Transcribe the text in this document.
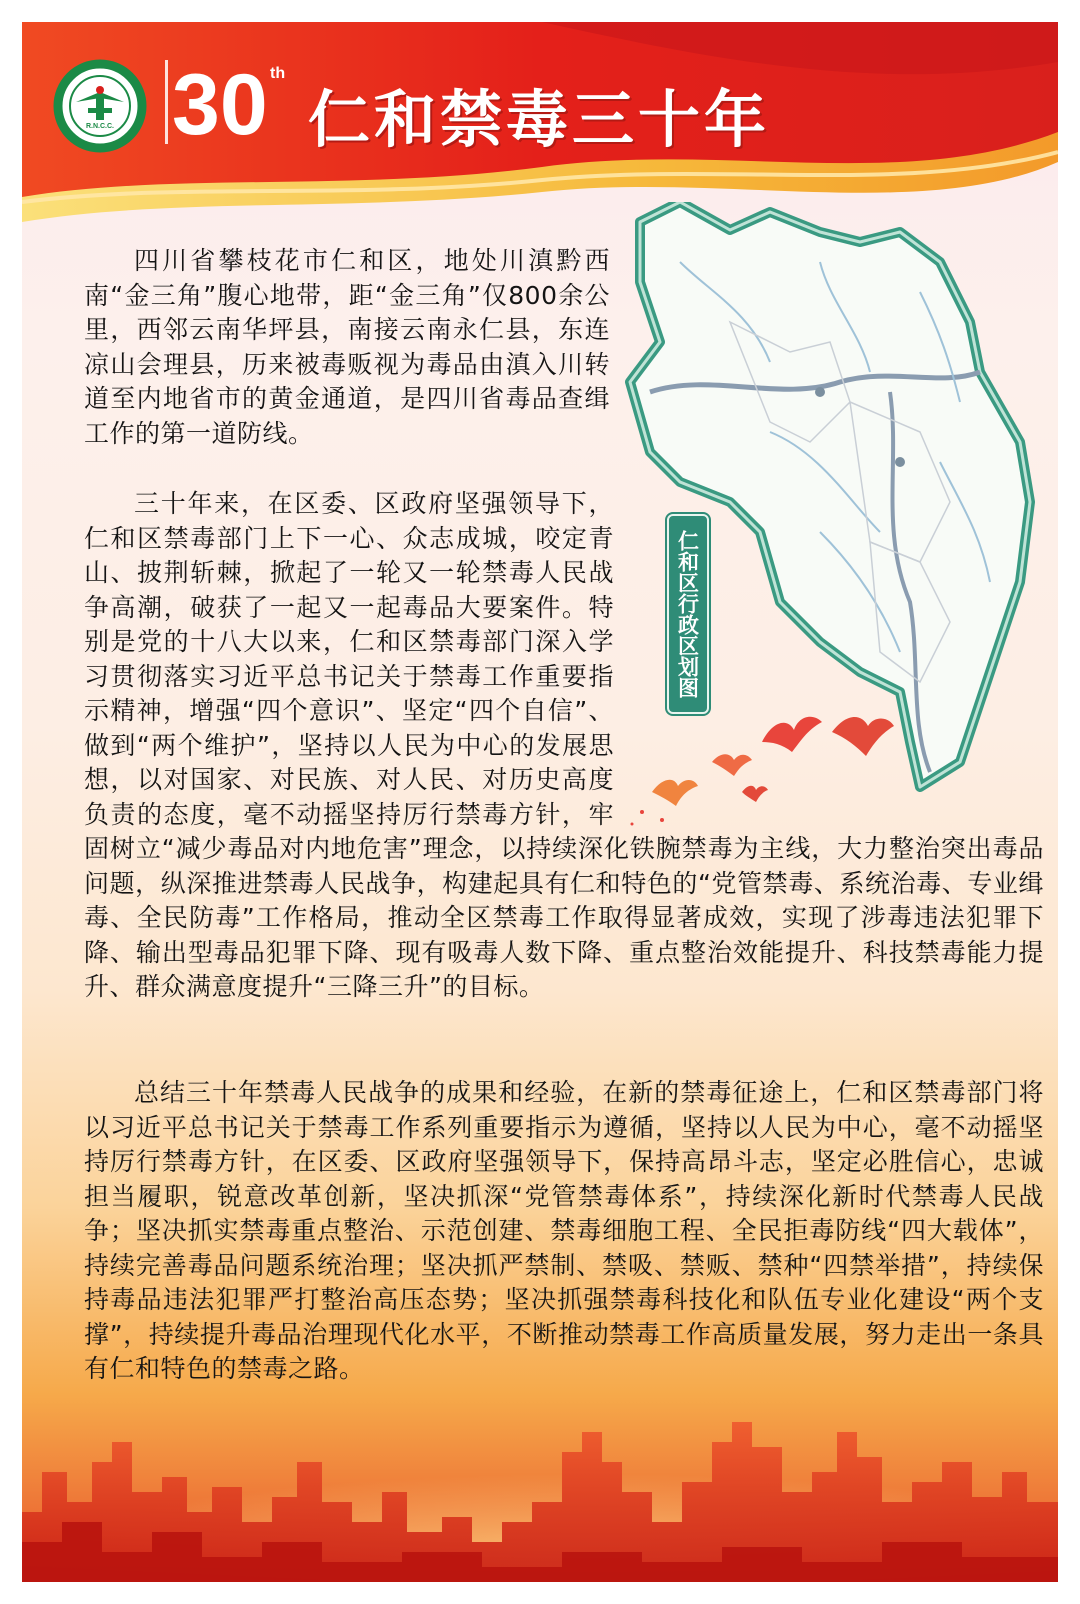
R.N.C.C. 30 th
仁和禁毒三十年
仁和区行政区划图

四川省攀枝花市仁和区，地处川滇黔西南“金三角”腹心地带，距“金三角”仅800余公里，西邻云南华坪县，南接云南永仁县，东连凉山会理县，历来被毒贩视为毒品由滇入川转道至内地省市的黄金通道，是四川省毒品查缉工作的第一道防线。

三十年来，在区委、区政府坚强领导下，仁和区禁毒部门上下一心、众志成城，咬定青山、披荆斩棘，掀起了一轮又一轮禁毒人民战争高潮，破获了一起又一起毒品大要案件。特别是党的十八大以来，仁和区禁毒部门深入学习贯彻落实习近平总书记关于禁毒工作重要指示精神，增强“四个意识”、坚定“四个自信”、做到“两个维护”，坚持以人民为中心的发展思想，以对国家、对民族、对人民、对历史高度负责的态度，毫不动摇坚持厉行禁毒方针，牢固树立“减少毒品对内地危害”理念，以持续深化铁腕禁毒为主线，大力整治突出毒品问题，纵深推进禁毒人民战争，构建起具有仁和特色的“党管禁毒、系统治毒、专业缉毒、全民防毒”工作格局，推动全区禁毒工作取得显著成效，实现了涉毒违法犯罪下降、输出型毒品犯罪下降、现有吸毒人数下降、重点整治效能提升、科技禁毒能力提升、群众满意度提升“三降三升”的目标。

总结三十年禁毒人民战争的成果和经验，在新的禁毒征途上，仁和区禁毒部门将以习近平总书记关于禁毒工作系列重要指示为遵循，坚持以人民为中心，毫不动摇坚持厉行禁毒方针，在区委、区政府坚强领导下，保持高昂斗志，坚定必胜信心，忠诚担当履职，锐意改革创新，坚决抓深“党管禁毒体系”，持续深化新时代禁毒人民战争；坚决抓实禁毒重点整治、示范创建、禁毒细胞工程、全民拒毒防线“四大载体”，持续完善毒品问题系统治理；坚决抓严禁制、禁吸、禁贩、禁种“四禁举措”，持续保持毒品违法犯罪严打整治高压态势；坚决抓强禁毒科技化和队伍专业化建设“两个支撑”，持续提升毒品治理现代化水平，不断推动禁毒工作高质量发展，努力走出一条具有仁和特色的禁毒之路。
